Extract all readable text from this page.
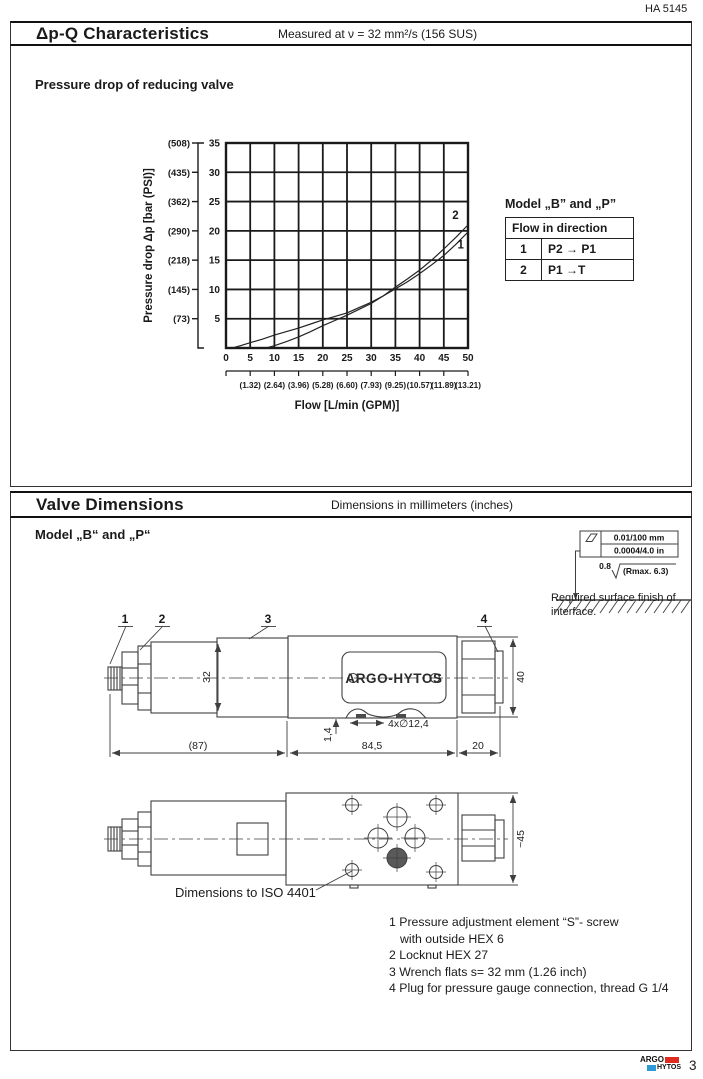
HA 5145
Δp-Q Characteristics	Measured at ν = 32 mm²/s (156 SUS)
Pressure drop of reducing valve
5
(73)
10
(145)
15
(218)
20
(290)
25
(362)
30
(435)
35
(508)
0 5 10 15 20 25 30 35 40 45 50
(1.32) (2.64) (3.96) (5.28) (6.60) (7.93) (9.25) (10.57)
(11.89)
(13.21)
Flow [L/min (GPM)]
Pressure drop Δp [bar (PSI)]	1
2
Model „B” and „P”
Flow in direction	
1	P2 → P1
2	P1 →T
Valve Dimensions	Dimensions in millimeters (inches)
Model „B“ and „P“	0.01/100 mm
0.0004/4.0 in
0.8 (Rmax. 6.3)
Required surface finish of interface.
1	2	3	4
ARGO-HYTOS
32	40
(87)	84,5	20
1,4
4x∅12,4
~45
Dimensions to ISO 4401
1 Pressure adjustment element “S”- screw
with outside HEX 6
2 Locknut HEX 27
3 Wrench flats s= 32 mm (1.26 inch)
4 Plug for pressure gauge connection, thread G 1/4
ARGO
HYTOS 3
